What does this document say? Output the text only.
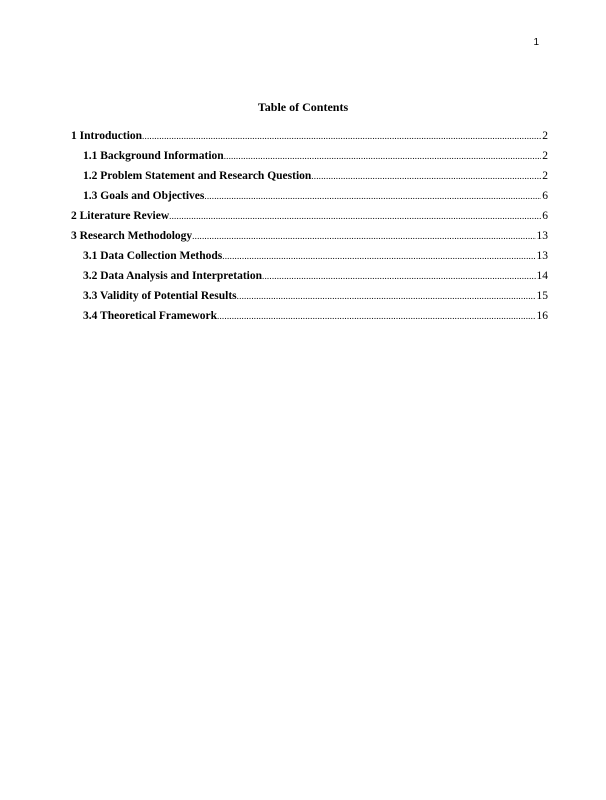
1
Table of Contents
1 Introduction .....	2
1.1 Background Information .....	2
1.2 Problem Statement and Research Question .....	2
1.3 Goals and Objectives .....	6
2 Literature Review .....	6
3 Research Methodology .....	13
3.1 Data Collection Methods .....	13
3.2 Data Analysis and Interpretation .....	14
3.3 Validity of Potential Results .....	15
3.4 Theoretical Framework .....	16
